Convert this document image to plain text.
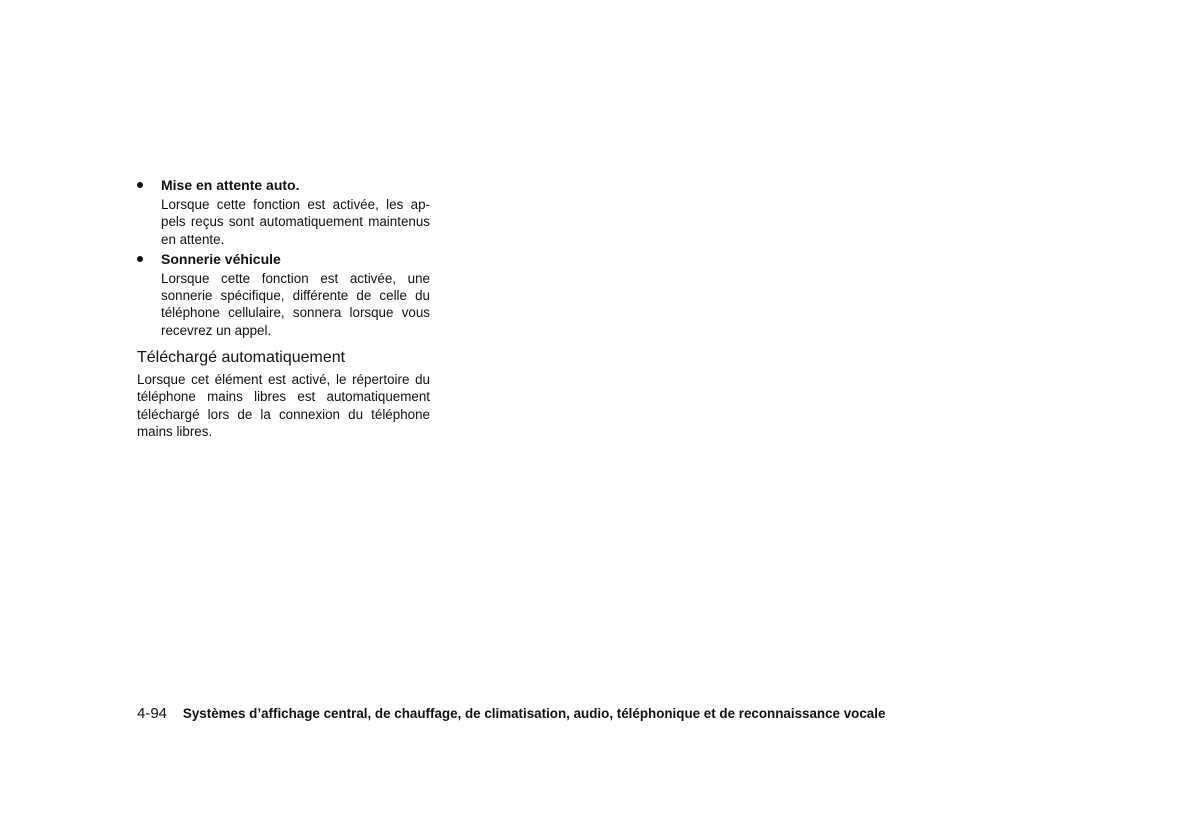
Mise en attente auto.

Lorsque cette fonction est activée, les ap-pels reçus sont automatiquement maintenus en attente.

Sonnerie véhicule

Lorsque cette fonction est activée, une sonnerie spécifique, différente de celle du téléphone cellulaire, sonnera lorsque vous recevrez un appel.

Téléchargé automatiquement

Lorsque cet élément est activé, le répertoire du téléphone mains libres est automatiquement téléchargé lors de la connexion du téléphone mains libres.

4-94 Systèmes d’affichage central, de chauffage, de climatisation, audio, téléphonique et de reconnaissance vocale
